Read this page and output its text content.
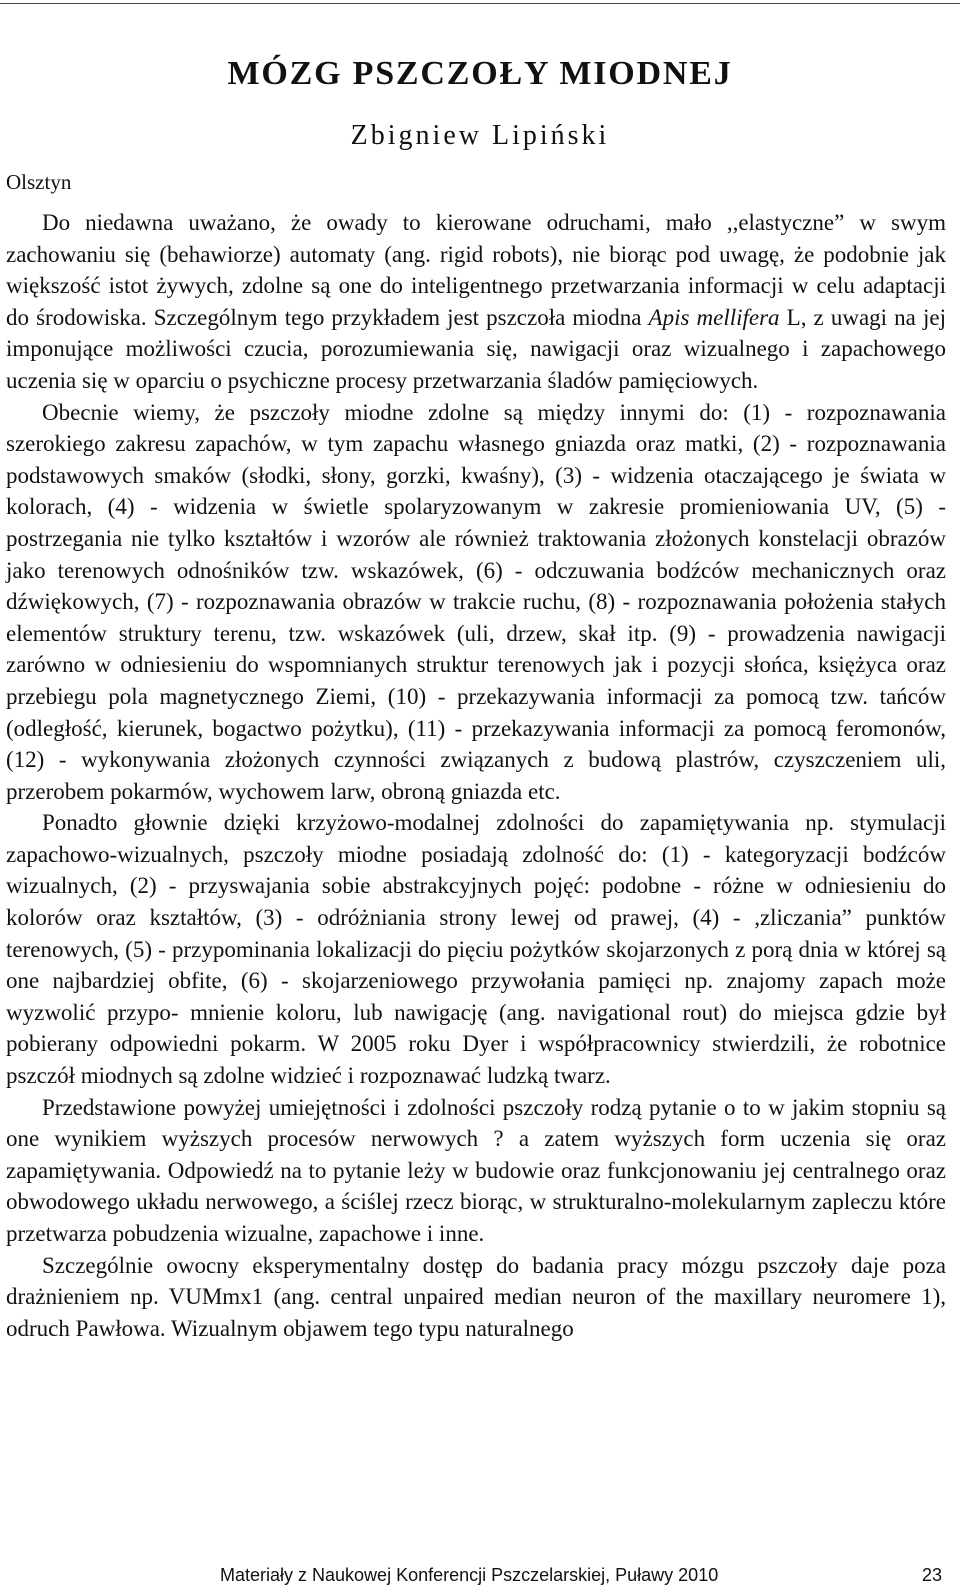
MÓZG PSZCZOŁY MIODNEJ
Zbigniew Lipiński
Olsztyn

Do niedawna uważano, że owady to kierowane odruchami, mało ,,elastyczne” w swym zachowaniu się (behawiorze) automaty (ang. rigid robots), nie biorąc pod uwagę, że podobnie jak większość istot żywych, zdolne są one do inteligentnego przetwarzania informacji w celu adaptacji do środowiska. Szczególnym tego przykładem jest pszczoła miodna Apis mellifera L, z uwagi na jej imponujące możliwości czucia, porozumiewania się, nawigacji oraz wizualnego i zapachowego uczenia się w oparciu o psychiczne procesy przetwarzania śladów pamięciowych.

Obecnie wiemy, że pszczoły miodne zdolne są między innymi do: (1) - rozpoznawania szerokiego zakresu zapachów, w tym zapachu własnego gniazda oraz matki, (2) - rozpoznawania podstawowych smaków (słodki, słony, gorzki, kwaśny), (3) - widzenia otaczającego je świata w kolorach, (4) - widzenia w świetle spolaryzowanym w zakresie promieniowania UV, (5) - postrzegania nie tylko kształtów i wzorów ale również traktowania złożonych konstelacji obrazów jako terenowych odnośników tzw. wskazówek, (6) - odczuwania bodźców mechanicznych oraz dźwiękowych, (7) - rozpoznawania obrazów w trakcie ruchu, (8) - rozpoznawania położenia stałych elementów struktury terenu, tzw. wskazówek (uli, drzew, skał itp. (9) - prowadzenia nawigacji zarówno w odniesieniu do wspomnianych struktur terenowych jak i pozycji słońca, księżyca oraz przebiegu pola magnetycznego Ziemi, (10) - przekazywania informacji za pomocą tzw. tańców (odległość, kierunek, bogactwo pożytku), (11) - przekazywania informacji za pomocą feromonów, (12) - wykonywania złożonych czynności związanych z budową plastrów, czyszczeniem uli, przerobem pokarmów, wychowem larw, obroną gniazda etc.

Ponadto głownie dzięki krzyżowo-modalnej zdolności do zapamiętywania np. stymulacji zapachowo-wizualnych, pszczoły miodne posiadają zdolność do: (1) - kategoryzacji bodźców wizualnych, (2) - przyswajania sobie abstrakcyjnych pojęć: podobne - różne w odniesieniu do kolorów oraz kształtów, (3) - odróżniania strony lewej od prawej, (4) - ,zliczania” punktów terenowych, (5) - przypominania lokalizacji do pięciu pożytków skojarzonych z porą dnia w której są one najbardziej obfite, (6) - skojarzeniowego przywołania pamięci np. znajomy zapach może wyzwolić przypo- mnienie koloru, lub nawigację (ang. navigational rout) do miejsca gdzie był pobierany odpowiedni pokarm. W 2005 roku Dyer i współpracownicy stwierdzili, że robotnice pszczół miodnych są zdolne widzieć i rozpoznawać ludzką twarz.

Przedstawione powyżej umiejętności i zdolności pszczoły rodzą pytanie o to w jakim stopniu są one wynikiem wyższych procesów nerwowych ? a zatem wyższych form uczenia się oraz zapamiętywania. Odpowiedź na to pytanie leży w budowie oraz funkcjonowaniu jej centralnego oraz obwodowego układu nerwowego, a ściślej rzecz biorąc, w strukturalno-molekularnym zapleczu które przetwarza pobudzenia wizualne, zapachowe i inne.

Szczególnie owocny eksperymentalny dostęp do badania pracy mózgu pszczoły daje poza drażnieniem np. VUMmx1 (ang. central unpaired median neuron of the maxillary neuromere 1), odruch Pawłowa. Wizualnym objawem tego typu naturalnego

Materiały z Naukowej Konferencji Pszczelarskiej, Puławy 2010	23
